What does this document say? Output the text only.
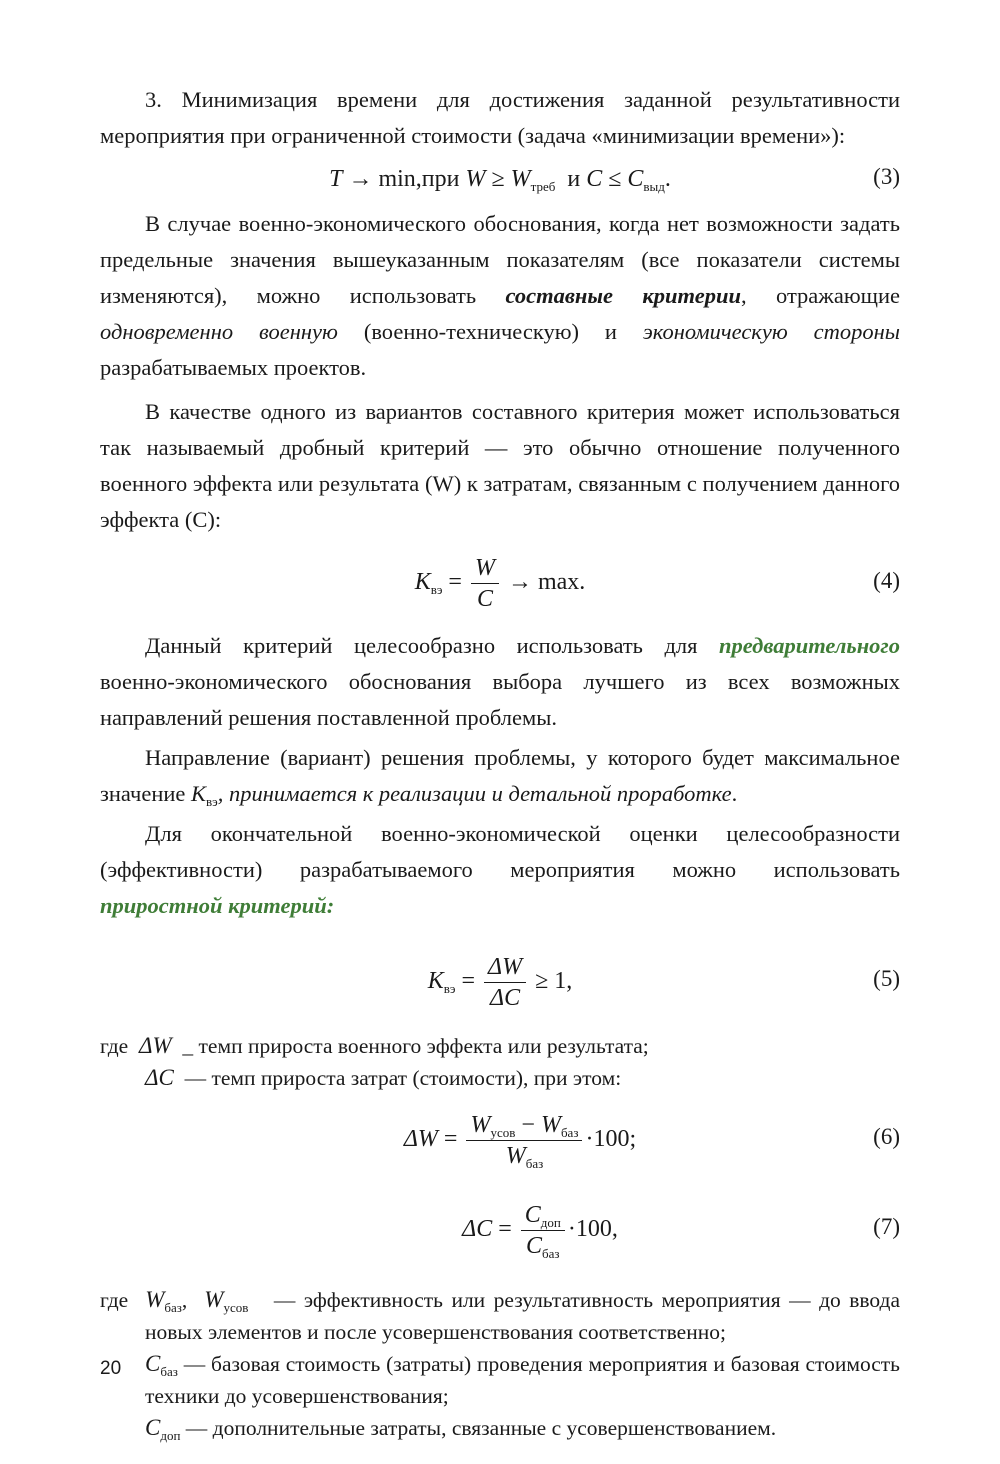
3. Минимизация времени для достижения заданной результативности мероприятия при ограниченной стоимости (задача «минимизации времени»):

T → min,при $W \ge W_{треб}$ и $C \le C_{выд}$.	(3)

В случае военно-экономического обоснования, когда нет возможности задать предельные значения вышеуказанным показателям (все показатели системы изменяются), можно использовать составные критерии, отражающие одновременно военную (военно-техническую) и экономическую стороны разрабатываемых проектов.

В качестве одного из вариантов составного критерия может использоваться так называемый дробный критерий — это обычно отношение полученного военного эффекта или результата (W) к затратам, связанным с получением данного эффекта (С):

$K_{вэ} = \frac{W}{C} \to \max$.	(4)

Данный критерий целесообразно использовать для предварительного военно-экономического обоснования выбора лучшего из всех возможных направлений решения поставленной проблемы.

Направление (вариант) решения проблемы, у которого будет максимальное значение $K_{вэ}$, принимается к реализации и детальной проработке.

Для окончательной военно-экономической оценки целесообразности (эффективности) разрабатываемого мероприятия можно использовать приростной критерий:

$K_{вэ} = \frac{\Delta W}{\Delta C} \ge 1$,	(5)
где ΔW _ темп прироста военного эффекта или результата;
ΔC — темп прироста затрат (стоимости), при этом:
$\Delta W = \frac{W_{усов} - W_{баз}}{W_{баз}} \cdot 100$;	(6)
$\Delta C = \frac{C_{доп}}{C_{баз}} \cdot 100$,	(7)
где $W_{баз}$, $W_{усов}$ — эффективность или результативность мероприятия — до ввода новых элементов и после усовершенствования соответственно;
$C_{баз}$ — базовая стоимость (затраты) проведения мероприятия и базовая стоимость техники до усовершенствования;
$C_{доп}$ — дополнительные затраты, связанные с усовершенствованием.
20
